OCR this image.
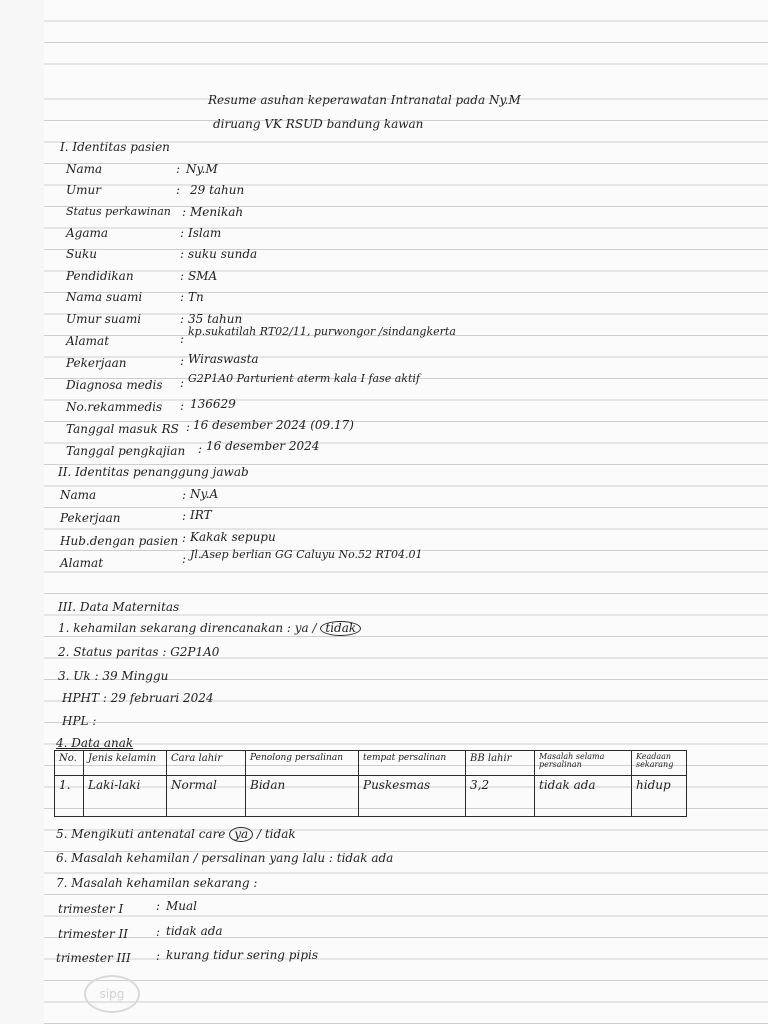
Resume asuhan keperawatan Intranatal pada Ny.M
diruang VK RSUD bandung kawan
I. Identitas pasien
Nama	: Ny.M
Umur	: 29 tahun
Status perkawinan : Menikah
Agama	: Islam
Suku	: suku sunda
Pendidikan	: SMA
Nama suami	: Tn
Umur suami	: 35 tahun
Alamat	:
kp.sukatilah RT02/11, purwongor /sindangkerta
Pekerjaan	: Wiraswasta
Diagnosa medis : G2P1A0 Parturient aterm kala I fase aktif
No.rekammedis : 136629
Tanggal masuk RS : 16 desember 2024 (09.17)
Tanggal pengkajian : 16 desember 2024
II. Identitas penanggung jawab
Nama	: Ny.A
Pekerjaan	: IRT
Hub.dengan pasien : Kakak sepupu
Alamat	: Jl.Asep berlian GG Caluyu No.52 RT04.01
III. Data Maternitas
1. kehamilan sekarang direncanakan : ya / tidak
2. Status paritas : G2P1A0
3. Uk : 39 Minggu
HPHT : 29 februari 2024
HPL :
4. Data anak
No.	Jenis kelamin	Cara lahir	Penolong persalinan	tempat persalinan	BB lahir	Masalah selama persalinan	Keadaan sekarang
1.	Laki-laki	Normal	Bidan	Puskesmas	3,2	tidak ada	hidup
5. Mengikuti antenatal care ya / tidak
6. Masalah kehamilan / persalinan yang lalu : tidak ada
7. Masalah kehamilan sekarang :
trimester I	: Mual
trimester II : tidak ada
trimester III : kurang tidur sering pipis
sipg
